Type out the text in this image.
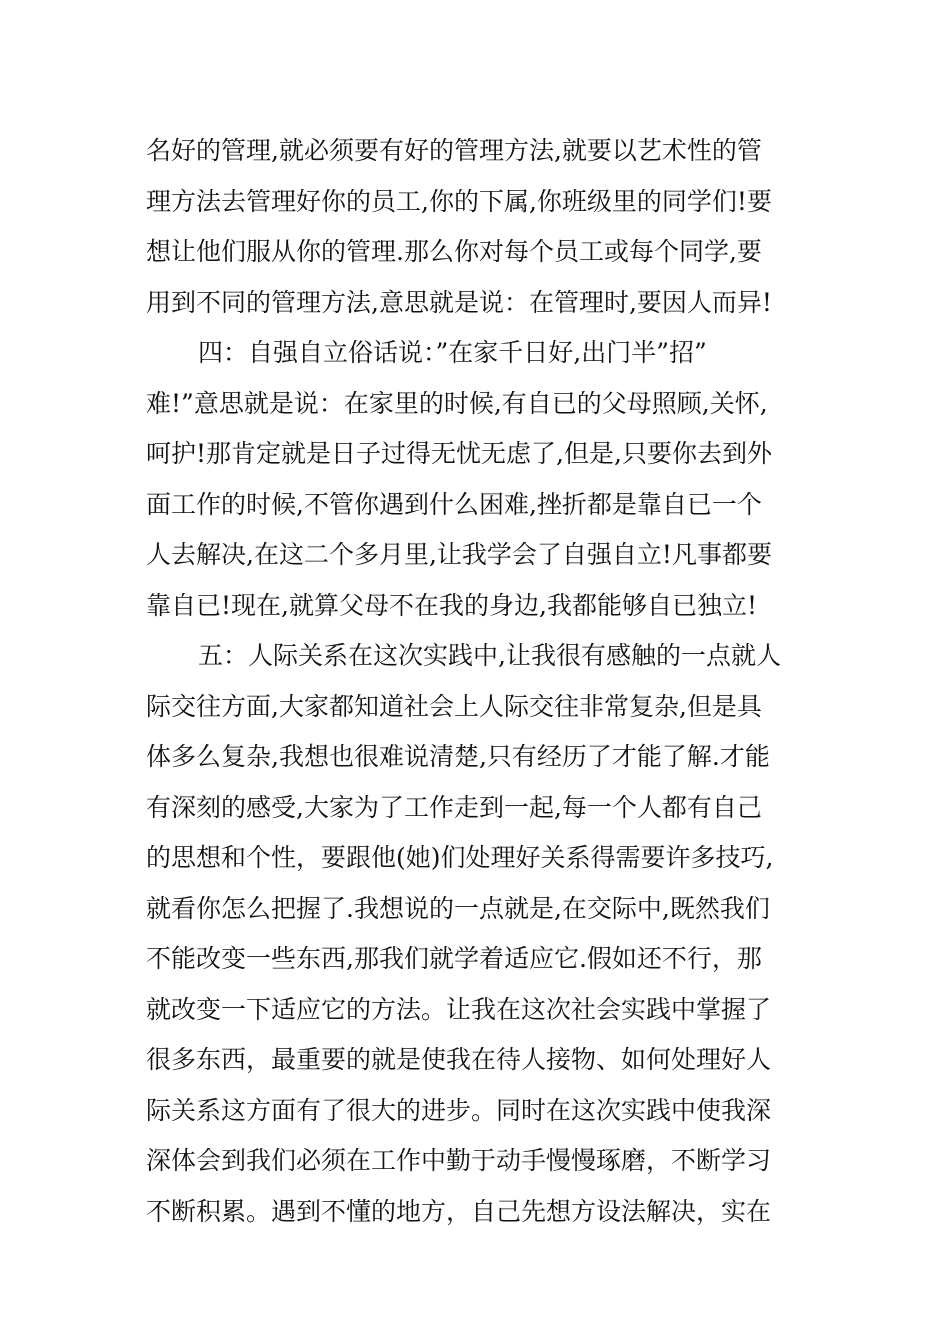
名好的管理,就必须要有好的管理方法,就要以艺术性的管
理方法去管理好你的员工,你的下属,你班级里的同学们!要
想让他们服从你的管理.那么你对每个员工或每个同学,要
用到不同的管理方法,意思就是说：在管理时,要因人而异!
四：自强自立俗话说：”在家千日好,出门半”招”
难!”意思就是说：在家里的时候,有自已的父母照顾,关怀,
呵护!那肯定就是日子过得无忧无虑了,但是,只要你去到外
面工作的时候,不管你遇到什么困难,挫折都是靠自已一个
人去解决,在这二个多月里,让我学会了自强自立!凡事都要
靠自已!现在,就算父母不在我的身边,我都能够自已独立!
五：人际关系在这次实践中,让我很有感触的一点就人
际交往方面,大家都知道社会上人际交往非常复杂,但是具
体多么复杂,我想也很难说清楚,只有经历了才能了解.才能
有深刻的感受,大家为了工作走到一起,每一个人都有自己
的思想和个性，要跟他(她)们处理好关系得需要许多技巧,
就看你怎么把握了.我想说的一点就是,在交际中,既然我们
不能改变一些东西,那我们就学着适应它.假如还不行，那
就改变一下适应它的方法。让我在这次社会实践中掌握了
很多东西，最重要的就是使我在待人接物、如何处理好人
际关系这方面有了很大的进步。同时在这次实践中使我深
深体会到我们必须在工作中勤于动手慢慢琢磨，不断学习
不断积累。遇到不懂的地方，自己先想方设法解决，实在
